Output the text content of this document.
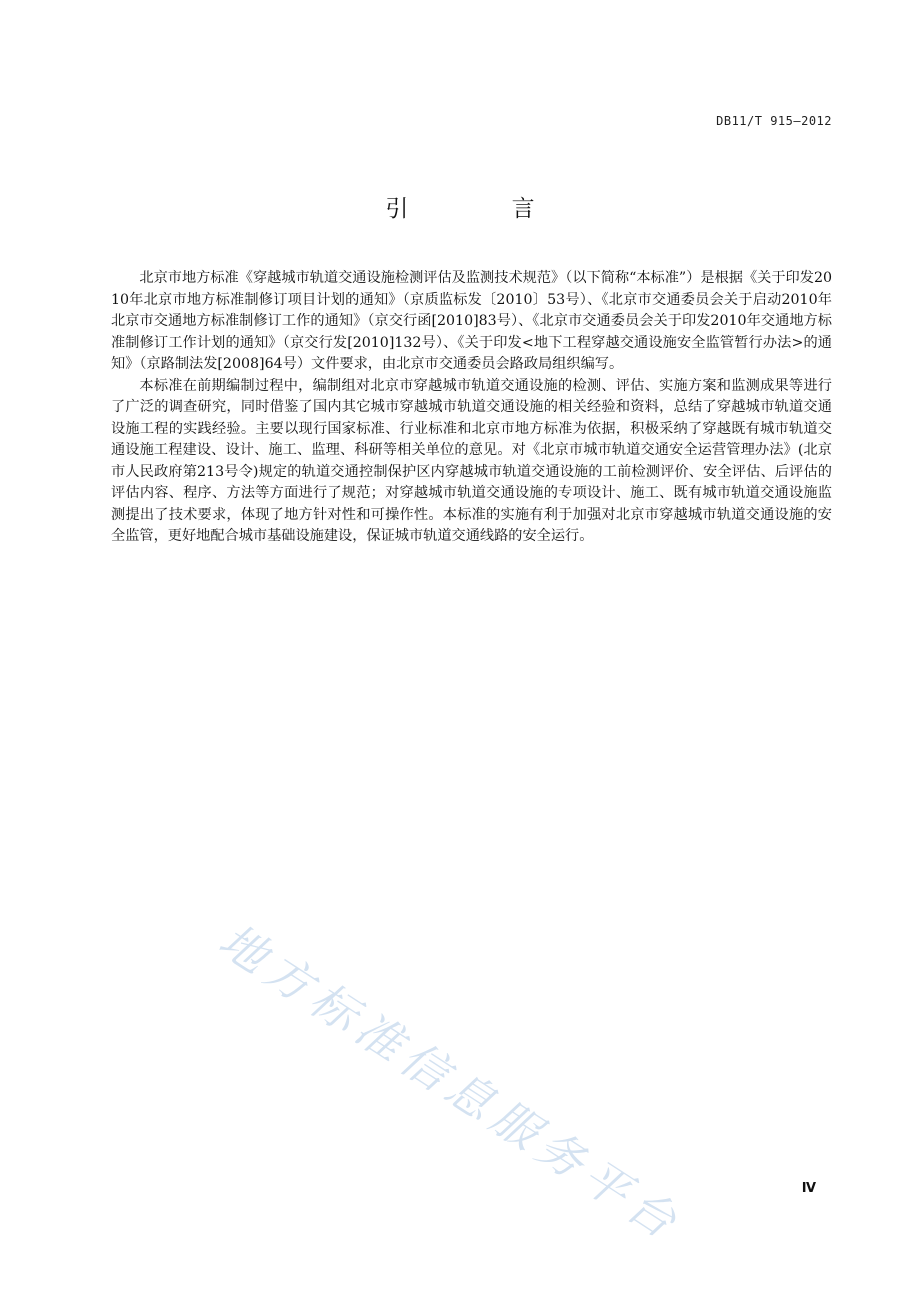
DB11/T 915—2012
引 言

北京市地方标准《穿越城市轨道交通设施检测评估及监测技术规范》（以下简称“本标准”）是根据《关于印发2010年北京市地方标准制修订项目计划的通知》（京质监标发〔2010〕53号）、《北京市交通委员会关于启动2010年北京市交通地方标准制修订工作的通知》（京交行函[2010]83号）、《北京市交通委员会关于印发2010年交通地方标准制修订工作计划的通知》（京交行发[2010]132号）、《关于印发<地下工程穿越交通设施安全监管暂行办法>的通知》（京路制法发[2008]64号）文件要求，由北京市交通委员会路政局组织编写。

本标准在前期编制过程中，编制组对北京市穿越城市轨道交通设施的检测、评估、实施方案和监测成果等进行了广泛的调查研究，同时借鉴了国内其它城市穿越城市轨道交通设施的相关经验和资料，总结了穿越城市轨道交通设施工程的实践经验。主要以现行国家标准、行业标准和北京市地方标准为依据，积极采纳了穿越既有城市轨道交通设施工程建设、设计、施工、监理、科研等相关单位的意见。对《北京市城市轨道交通安全运营管理办法》(北京市人民政府第213号令)规定的轨道交通控制保护区内穿越城市轨道交通设施的工前检测评价、安全评估、后评估的评估内容、程序、方法等方面进行了规范；对穿越城市轨道交通设施的专项设计、施工、既有城市轨道交通设施监测提出了技术要求，体现了地方针对性和可操作性。本标准的实施有利于加强对北京市穿越城市轨道交通设施的安全监管，更好地配合城市基础设施建设，保证城市轨道交通线路的安全运行。

地方标准信息服务平台	Ⅳ
